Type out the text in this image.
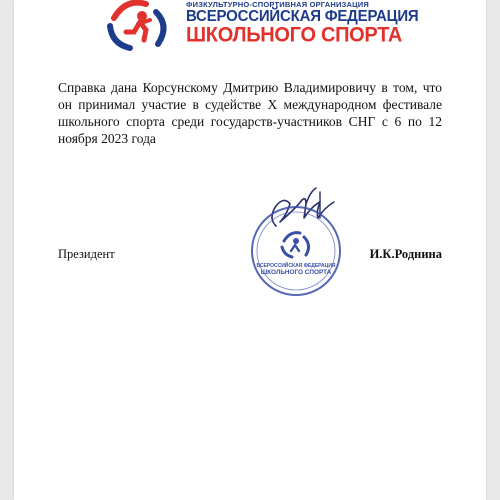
ФИЗКУЛЬТУРНО-СПОРТИВНАЯ ОРГАНИЗАЦИЯ
ВСЕРОССИЙСКАЯ ФЕДЕРАЦИЯ
ШКОЛЬНОГО СПОРТА
Справка дана Корсунскому Дмитрию Владимировичу в том, что он принимал участие в судействе X международном фестивале школьного спорта среди государств-участников СНГ с 6 по 12 ноября 2023 года
ВСЕРОССИЙСКАЯ ФЕДЕРАЦИЯ
ШКОЛЬНОГО СПОРТА
Президент	И.К.Роднина
